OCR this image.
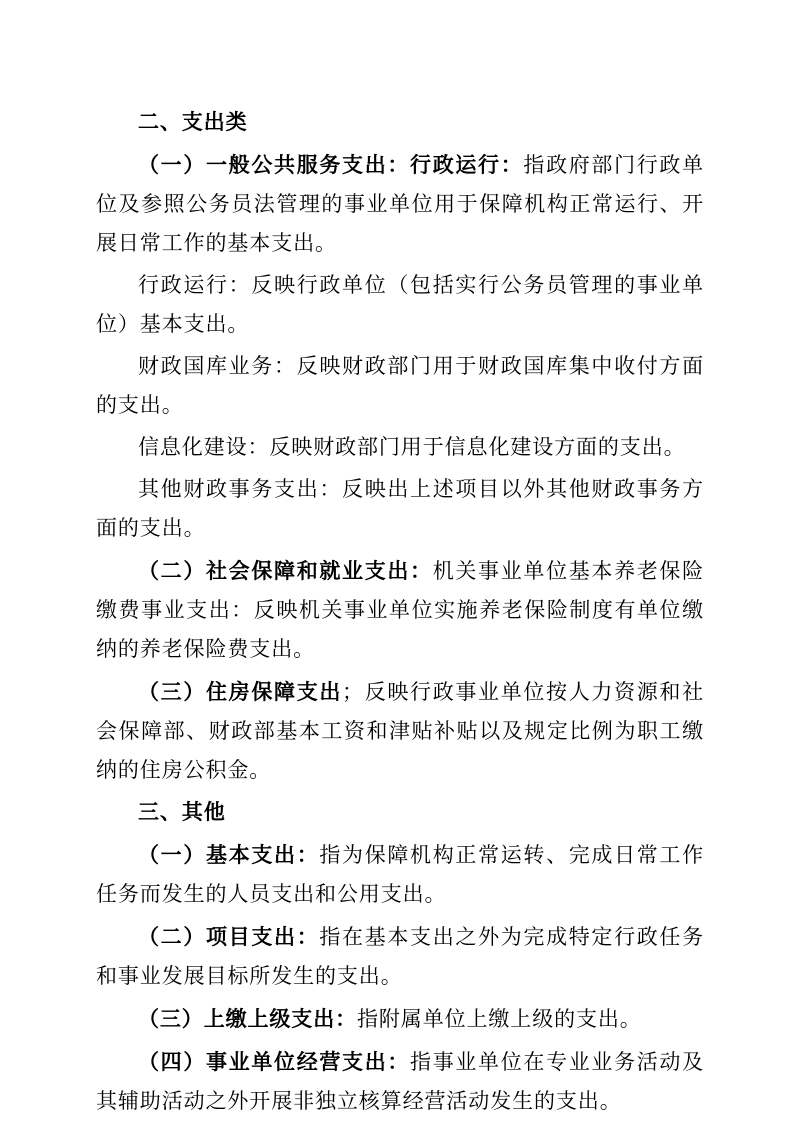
二、支出类

（一）一般公共服务支出：行政运行：指政府部门行政单位及参照公务员法管理的事业单位用于保障机构正常运行、开展日常工作的基本支出。

行政运行：反映行政单位（包括实行公务员管理的事业单位）基本支出。

财政国库业务：反映财政部门用于财政国库集中收付方面的支出。

信息化建设：反映财政部门用于信息化建设方面的支出。

其他财政事务支出：反映出上述项目以外其他财政事务方面的支出。

（二）社会保障和就业支出：机关事业单位基本养老保险缴费事业支出：反映机关事业单位实施养老保险制度有单位缴纳的养老保险费支出。

（三）住房保障支出；反映行政事业单位按人力资源和社会保障部、财政部基本工资和津贴补贴以及规定比例为职工缴纳的住房公积金。

三、其他

（一）基本支出：指为保障机构正常运转、完成日常工作任务而发生的人员支出和公用支出。

（二）项目支出：指在基本支出之外为完成特定行政任务和事业发展目标所发生的支出。

（三）上缴上级支出：指附属单位上缴上级的支出。

（四）事业单位经营支出：指事业单位在专业业务活动及其辅助活动之外开展非独立核算经营活动发生的支出。
